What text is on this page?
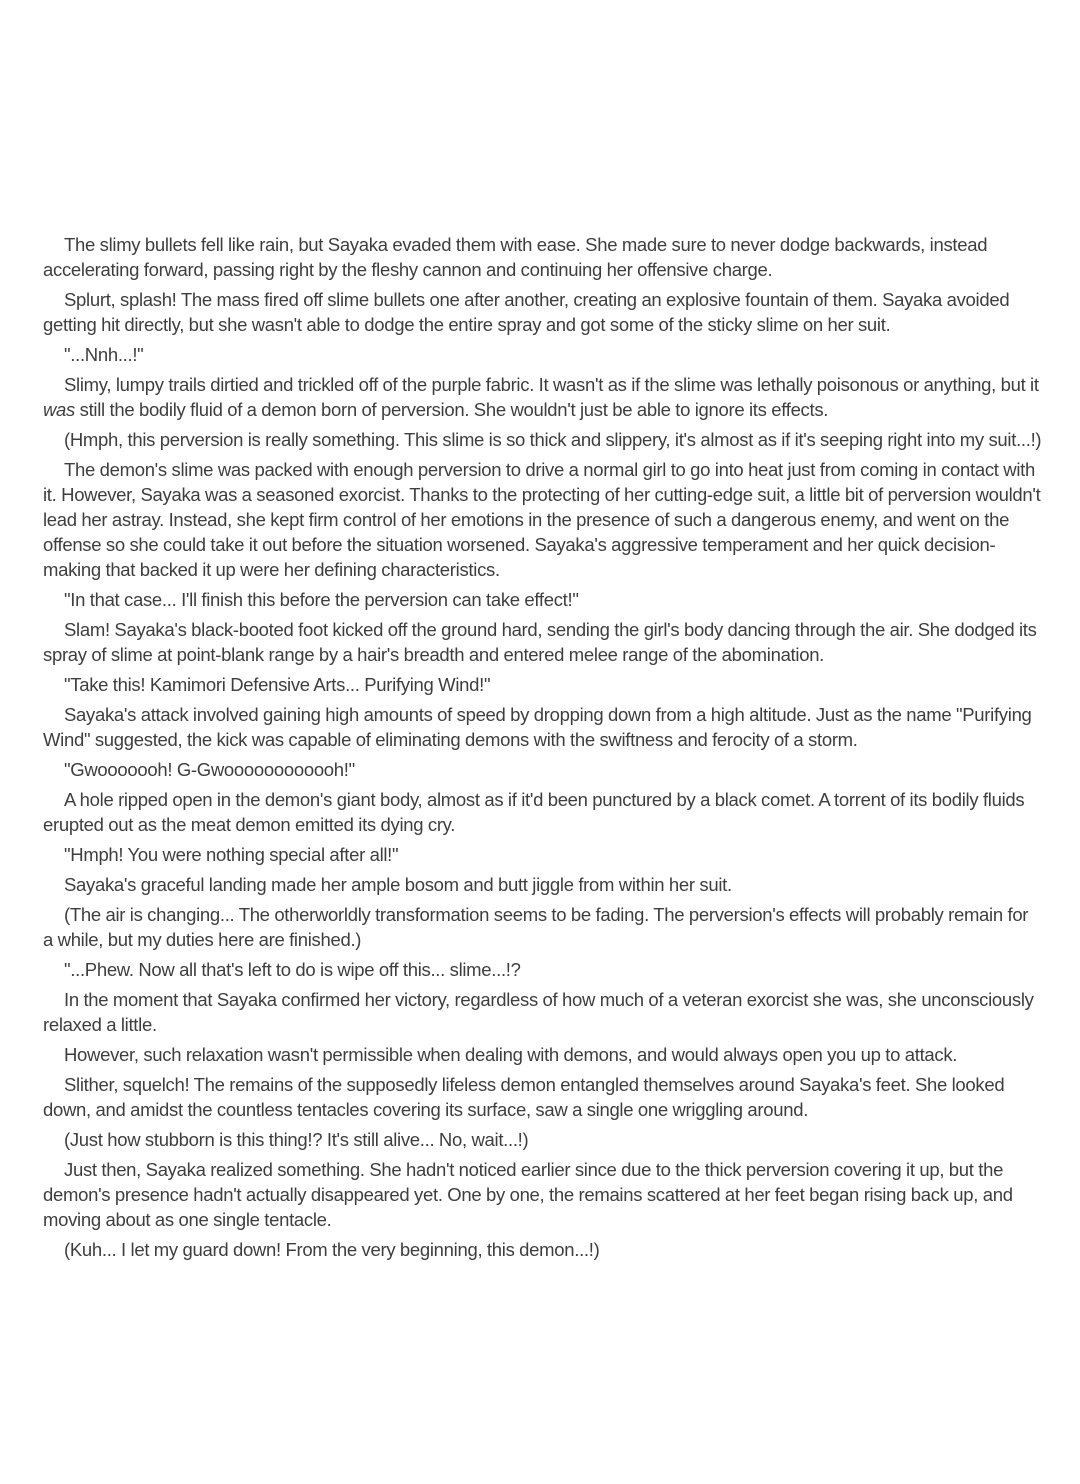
The slimy bullets fell like rain, but Sayaka evaded them with ease. She made sure to never dodge backwards, instead accelerating forward, passing right by the fleshy cannon and continuing her offensive charge.

Splurt, splash! The mass fired off slime bullets one after another, creating an explosive fountain of them. Sayaka avoided getting hit directly, but she wasn't able to dodge the entire spray and got some of the sticky slime on her suit.

"...Nnh...!"

Slimy, lumpy trails dirtied and trickled off of the purple fabric. It wasn't as if the slime was lethally poisonous or anything, but it was still the bodily fluid of a demon born of perversion. She wouldn't just be able to ignore its effects.

(Hmph, this perversion is really something. This slime is so thick and slippery, it's almost as if it's seeping right into my suit...!)

The demon's slime was packed with enough perversion to drive a normal girl to go into heat just from coming in contact with it. However, Sayaka was a seasoned exorcist. Thanks to the protecting of her cutting-edge suit, a little bit of perversion wouldn't lead her astray. Instead, she kept firm control of her emotions in the presence of such a dangerous enemy, and went on the offense so she could take it out before the situation worsened. Sayaka's aggressive temperament and her quick decision-making that backed it up were her defining characteristics.

"In that case... I'll finish this before the perversion can take effect!"

Slam! Sayaka's black-booted foot kicked off the ground hard, sending the girl's body dancing through the air. She dodged its spray of slime at point-blank range by a hair's breadth and entered melee range of the abomination.

"Take this! Kamimori Defensive Arts... Purifying Wind!"

Sayaka's attack involved gaining high amounts of speed by dropping down from a high altitude. Just as the name "Purifying Wind" suggested, the kick was capable of eliminating demons with the swiftness and ferocity of a storm.

"Gwooooooh! G-Gwoooooooooooh!"

A hole ripped open in the demon's giant body, almost as if it'd been punctured by a black comet. A torrent of its bodily fluids erupted out as the meat demon emitted its dying cry.

"Hmph! You were nothing special after all!"

Sayaka's graceful landing made her ample bosom and butt jiggle from within her suit.

(The air is changing... The otherworldly transformation seems to be fading. The perversion's effects will probably remain for a while, but my duties here are finished.)

"...Phew. Now all that's left to do is wipe off this... slime...!?

In the moment that Sayaka confirmed her victory, regardless of how much of a veteran exorcist she was, she unconsciously relaxed a little.

However, such relaxation wasn't permissible when dealing with demons, and would always open you up to attack.

Slither, squelch! The remains of the supposedly lifeless demon entangled themselves around Sayaka's feet. She looked down, and amidst the countless tentacles covering its surface, saw a single one wriggling around.

(Just how stubborn is this thing!? It's still alive... No, wait...!)

Just then, Sayaka realized something. She hadn't noticed earlier since due to the thick perversion covering it up, but the demon's presence hadn't actually disappeared yet. One by one, the remains scattered at her feet began rising back up, and moving about as one single tentacle.

(Kuh... I let my guard down! From the very beginning, this demon...!)
